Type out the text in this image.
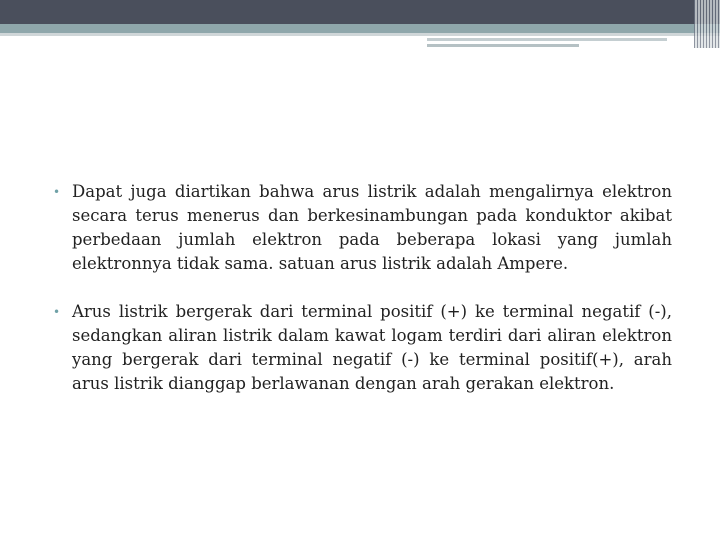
• Dapat juga diartikan bahwa arus listrik adalah mengalirnya elektron secara terus menerus dan berkesinambungan pada konduktor akibat perbedaan jumlah elektron pada beberapa lokasi yang jumlah elektronnya tidak sama. satuan arus listrik adalah Ampere.

• Arus listrik bergerak dari terminal positif (+) ke terminal negatif (-), sedangkan aliran listrik dalam kawat logam terdiri dari aliran elektron yang bergerak dari terminal negatif (-) ke terminal positif(+), arah arus listrik dianggap berlawanan dengan arah gerakan elektron.
